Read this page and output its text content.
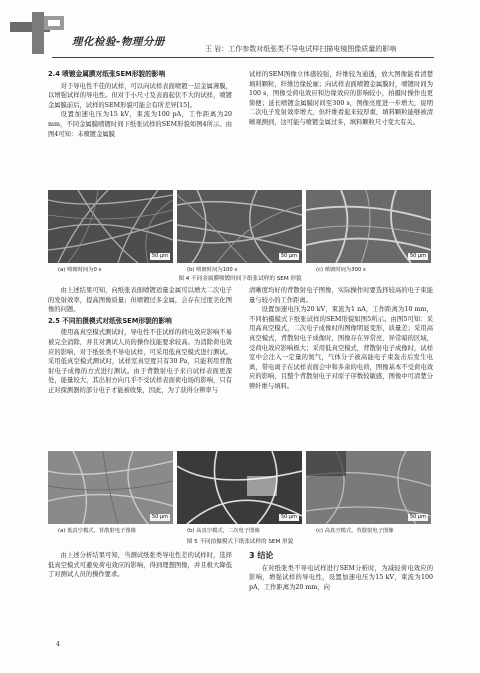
理化检验-物理分册
王 岩：工作参数对纸张类不导电试样扫描电镜图像质量的影响
2.4 喷镀金属膜对纸张SEM形貌的影响

对于导电性不佳的试样，可以向试样表面喷镀一层金属薄膜，以增强试样的导电性。但对于小尺寸及表面起伏不大的试样，喷镀金属膜前后，试样的SEM形貌可能会有所差异[15]。

设置加速电压为15 kV，束流为100 pA，工作距离为20 mm，不同金属膜喷镀时间下纸张试样的SEM形貌如图4所示。由图4可知：未喷镀金属膜

试样的SEM图像立体感较强，纤维较为通透，放大图像能看清楚填料颗粒，纤维边缘轮廓；向试样表面喷镀金属膜时，喷镀时间为100 s，图像受荷电效应和边缘效应的影响较小，拍摄时操作也更简便；延长喷镀金属膜时间至300 s，图像亮度进一步增大，说明二次电子发射效率增大，但纤维看起来较厚重，填料颗粒能够被清晰观测到，这可能与喷镀金属过多，填料颗粒尺寸变大有关。

50 μm	50 μm	50 μm
(a) 喷镀时间为0 s	(b) 喷镀时间为100 s	(c) 喷镀时间为300 s
图 4 不同金属膜喷镀时间下纸张试样的 SEM 形貌

由上述结果可知，向纸张表面喷镀适量金属可以增大二次电子的发射效率，提高图像质量；但喷镀过多金属，会存在过度美化图像的问题。

2.5 不同拍摄模式对纸张SEM形貌的影响

使用高真空模式测试时，导电性不佳试样的荷电效应影响不易被完全消除，并且对测试人员的操作技能要求较高。为消除荷电效应的影响，对于纸张类不导电试样，可采用低真空模式进行测试。采用低真空模式测试时，试样室真空度只有30 Pa，只能利用背散射电子成像的方式进行测试。由于背散射电子来自试样表面更深处，能量较大，其出射方向几乎不受试样表面荷电场的影响，只有正对探测器的部分电子才能被收集，因此，为了获得分辨率与

清晰度均好的背散射电子图像，实际操作时要选择较高的电子束能量与较小的工作距离。

设置加速电压为20 kV，束流为1 nA，工作距离为10 mm，不同拍摄模式下纸张试样的SEM形貌如图5所示。由图5可知：采用高真空模式，二次电子成像时的图像明显变形，质量差；采用高真空模式，背散射电子成像时，图像存在异常亮、异常暗的区域，受荷电效应影响极大；采用低真空模式，背散射电子成像时，试样室中会注入一定量的氮气，气体分子被高能电子束轰击后发生电离，带电离子在试样表面会中和多余的电荷，图像基本不受荷电效应的影响，且整个背散射电子对原子序数较敏感，图像中可清楚分辨纤维与填料。

50 μm	50 μm	50 μm
(a) 低真空模式，背散射电子图像	(b) 高真空模式，二次电子图像	(c) 高真空模式，背散射电子图像
图 5 不同拍摄模式下纸张试样的 SEM 形貌

由上述分析结果可知，当测试纸张类导电性差的试样时，选择低真空模式可避免荷电效应的影响，得到理想图像，并且极大降低了对测试人员的操作要求。

3 结论

在对纸张类不导电试样进行SEM分析时，为减轻荷电效应的影响，增强试样的导电性，设置加速电压为15 kV，束流为100 pA，工作距离为20 mm，向

4
